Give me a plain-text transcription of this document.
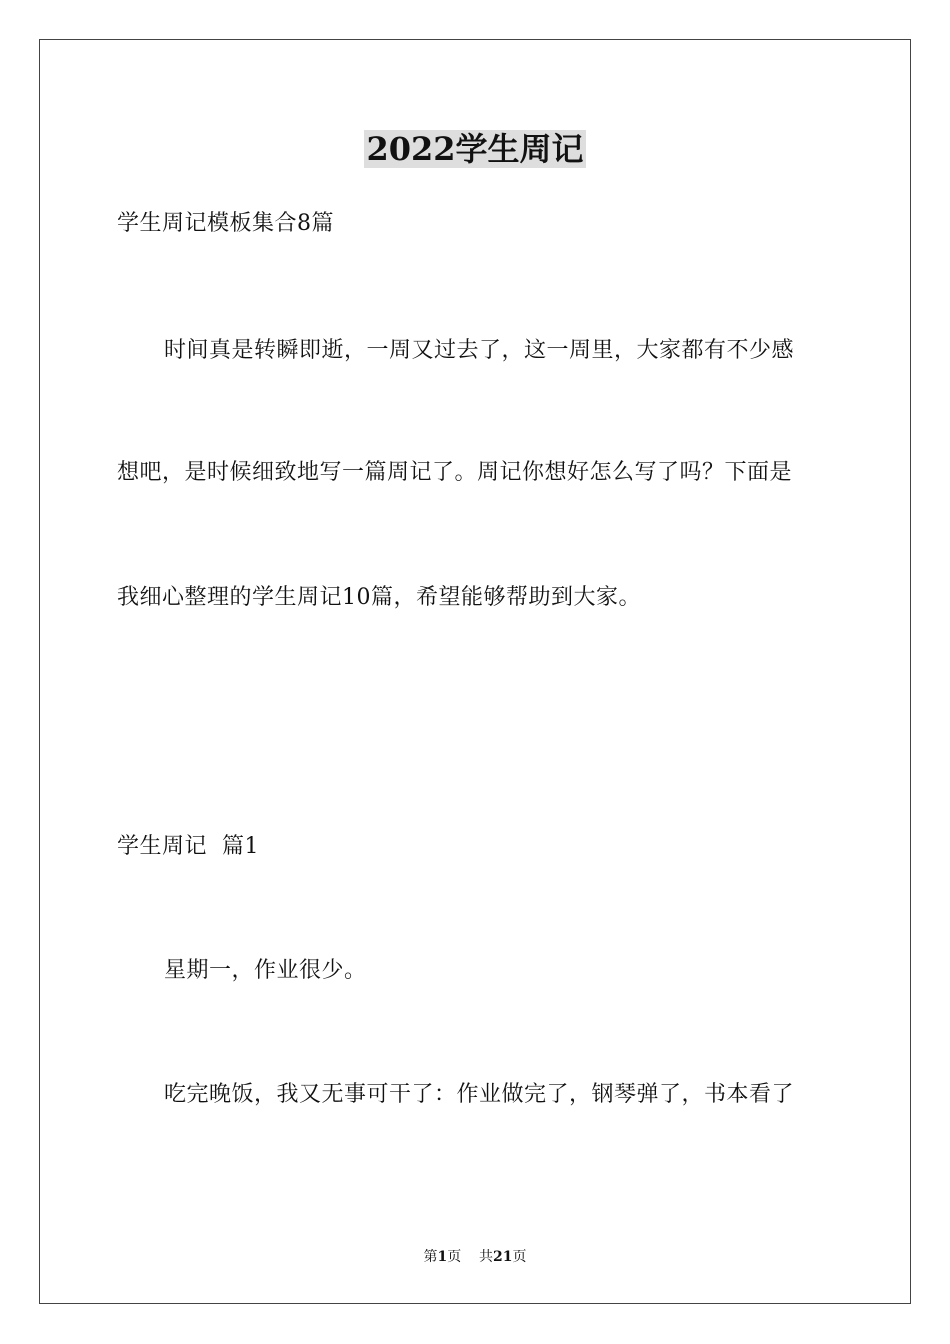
2022学生周记
学生周记模板集合8篇
时间真是转瞬即逝，一周又过去了，这一周里，大家都有不少感
想吧，是时候细致地写一篇周记了。周记你想好怎么写了吗？下面是
我细心整理的学生周记10篇，希望能够帮助到大家。
学生周记  篇1
星期一，作业很少。
吃完晚饭，我又无事可干了：作业做完了，钢琴弹了，书本看了
第1页    共21页
